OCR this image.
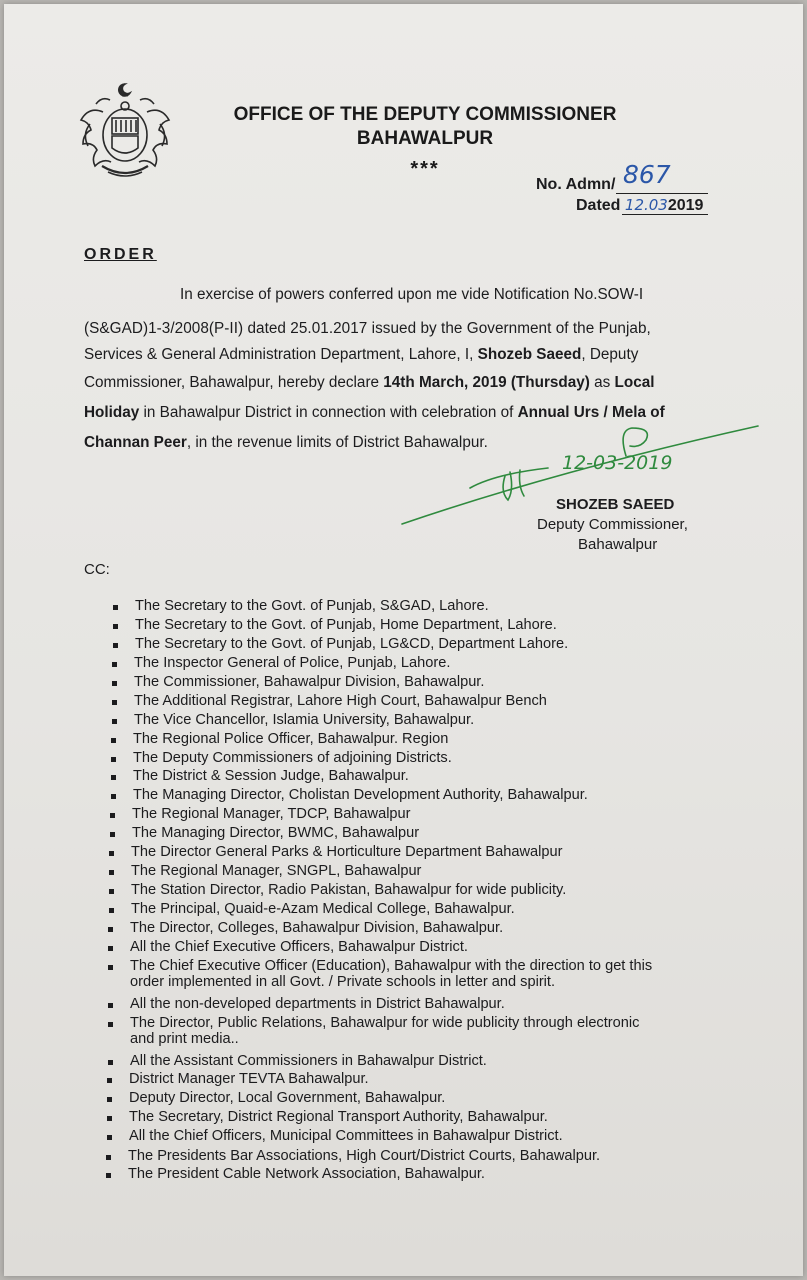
OFFICE OF THE DEPUTY COMMISSIONER
BAHAWALPUR
***
No. Admn/ 867
Dated 12.032019
ORDER
In exercise of powers conferred upon me vide Notification No.SOW-I
(S&GAD)1-3/2008(P-II) dated 25.01.2017 issued by the Government of the Punjab,
Services & General Administration Department, Lahore, I, Shozeb Saeed, Deputy
Commissioner, Bahawalpur, hereby declare 14th March, 2019 (Thursday) as Local
Holiday in Bahawalpur District in connection with celebration of Annual Urs / Mela of
Channan Peer, in the revenue limits of District Bahawalpur.
12-03-2019
SHOZEB SAEED
Deputy Commissioner,
Bahawalpur
CC:
The Secretary to the Govt. of Punjab, S&GAD, Lahore.
The Secretary to the Govt. of Punjab, Home Department, Lahore.
The Secretary to the Govt. of Punjab, LG&CD, Department Lahore.
The Inspector General of Police, Punjab, Lahore.
The Commissioner, Bahawalpur Division, Bahawalpur.
The Additional Registrar, Lahore High Court, Bahawalpur Bench
The Vice Chancellor, Islamia University, Bahawalpur.
The Regional Police Officer, Bahawalpur. Region
The Deputy Commissioners of adjoining Districts.
The District & Session Judge, Bahawalpur.
The Managing Director, Cholistan Development Authority, Bahawalpur.
The Regional Manager, TDCP, Bahawalpur
The Managing Director, BWMC, Bahawalpur
The Director General Parks & Horticulture Department Bahawalpur
The Regional Manager, SNGPL, Bahawalpur
The Station Director, Radio Pakistan, Bahawalpur for wide publicity.
The Principal, Quaid-e-Azam Medical College, Bahawalpur.
The Director, Colleges, Bahawalpur Division, Bahawalpur.
All the Chief Executive Officers, Bahawalpur District.
The Chief Executive Officer (Education), Bahawalpur with the direction to get this
order implemented in all Govt. / Private schools in letter and spirit.
All the non-developed departments in District Bahawalpur.
The Director, Public Relations, Bahawalpur for wide publicity through electronic
and print media..
All the Assistant Commissioners in Bahawalpur District.
District Manager TEVTA Bahawalpur.
Deputy Director, Local Government, Bahawalpur.
The Secretary, District Regional Transport Authority, Bahawalpur.
All the Chief Officers, Municipal Committees in Bahawalpur District.
The Presidents Bar Associations, High Court/District Courts, Bahawalpur.
The President Cable Network Association, Bahawalpur.
